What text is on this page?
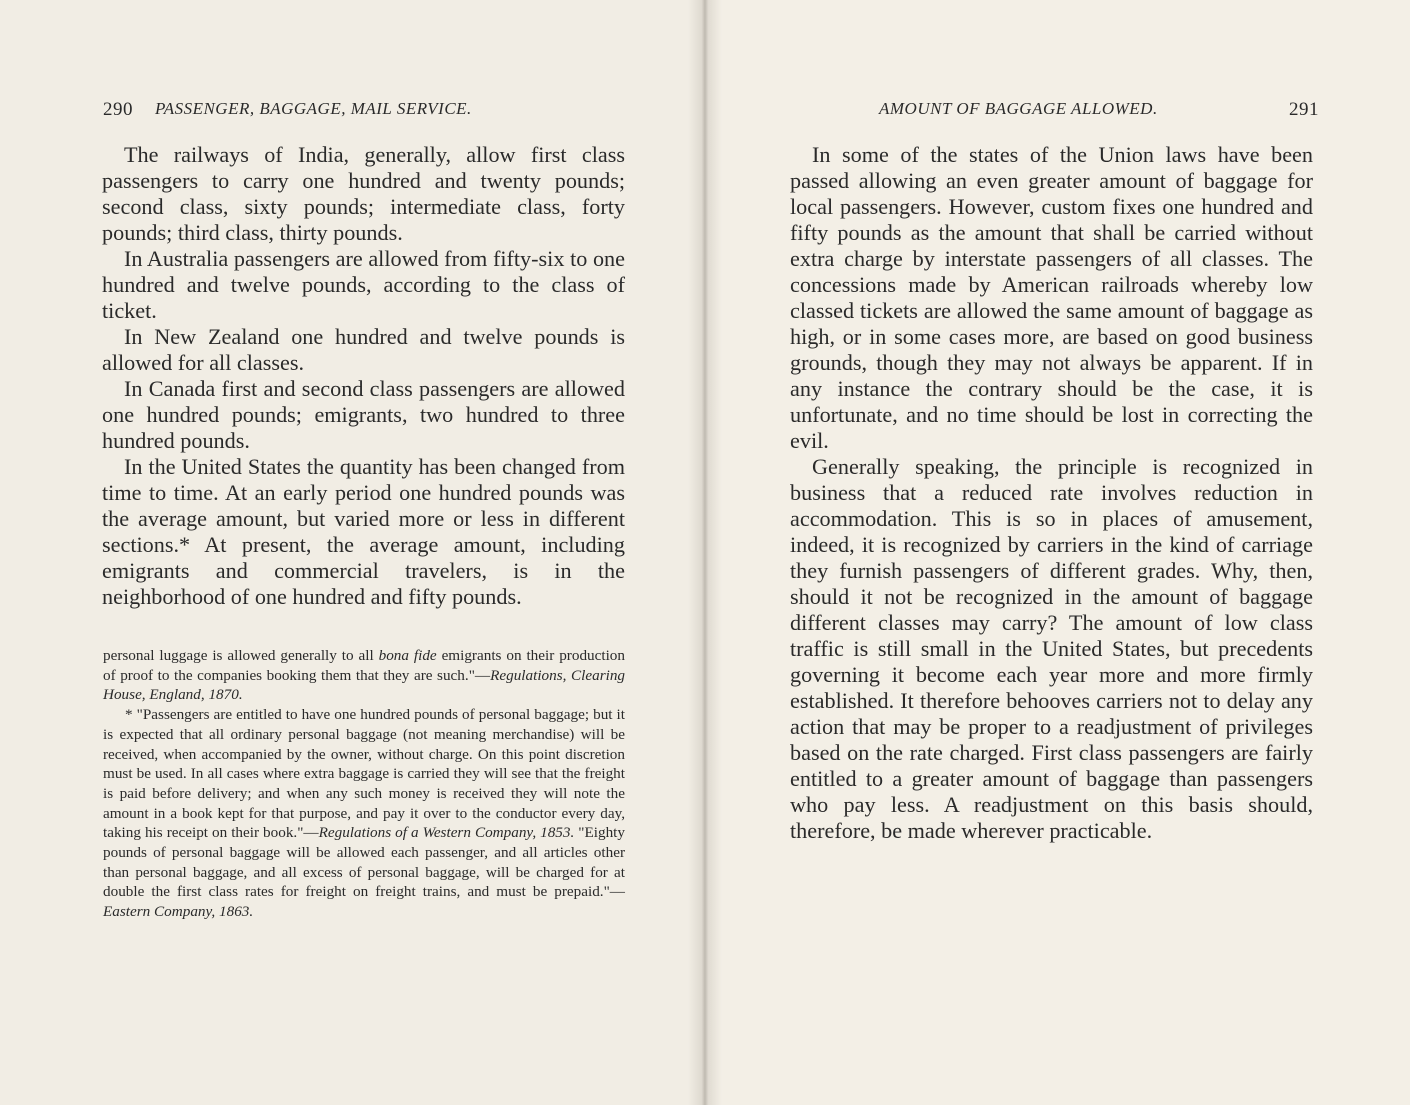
290 PASSENGER, BAGGAGE, MAIL SERVICE.

The railways of India, generally, allow first class passengers to carry one hundred and twenty pounds; second class, sixty pounds; intermediate class, forty pounds; third class, thirty pounds.

In Australia passengers are allowed from fifty-six to one hundred and twelve pounds, according to the class of ticket.

In New Zealand one hundred and twelve pounds is allowed for all classes.

In Canada first and second class passengers are allowed one hundred pounds; emigrants, two hundred to three hundred pounds.

In the United States the quantity has been changed from time to time. At an early period one hundred pounds was the average amount, but varied more or less in different sections.* At present, the average amount, including emigrants and commercial travelers, is in the neighborhood of one hundred and fifty pounds.

personal luggage is allowed generally to all bona fide emigrants on their production of proof to the companies booking them that they are such."—Regulations, Clearing House, England, 1870.

* "Passengers are entitled to have one hundred pounds of personal baggage; but it is expected that all ordinary personal baggage (not meaning merchandise) will be received, when accompanied by the owner, without charge. On this point discretion must be used. In all cases where extra baggage is carried they will see that the freight is paid before delivery; and when any such money is received they will note the amount in a book kept for that purpose, and pay it over to the conductor every day, taking his receipt on their book."—Regulations of a Western Company, 1853. "Eighty pounds of personal baggage will be allowed each passenger, and all articles other than personal baggage, and all excess of personal baggage, will be charged for at double the first class rates for freight on freight trains, and must be prepaid."—Eastern Company, 1863.

AMOUNT OF BAGGAGE ALLOWED.	291

In some of the states of the Union laws have been passed allowing an even greater amount of baggage for local passengers. However, custom fixes one hundred and fifty pounds as the amount that shall be carried without extra charge by interstate passengers of all classes. The concessions made by American railroads whereby low classed tickets are allowed the same amount of baggage as high, or in some cases more, are based on good business grounds, though they may not always be apparent. If in any instance the contrary should be the case, it is unfortunate, and no time should be lost in correcting the evil.

Generally speaking, the principle is recognized in business that a reduced rate involves reduction in accommodation. This is so in places of amusement, indeed, it is recognized by carriers in the kind of carriage they furnish passengers of different grades. Why, then, should it not be recognized in the amount of baggage different classes may carry? The amount of low class traffic is still small in the United States, but precedents governing it become each year more and more firmly established. It therefore behooves carriers not to delay any action that may be proper to a readjustment of privileges based on the rate charged. First class passengers are fairly entitled to a greater amount of baggage than passengers who pay less. A readjustment on this basis should, therefore, be made wherever practicable.
